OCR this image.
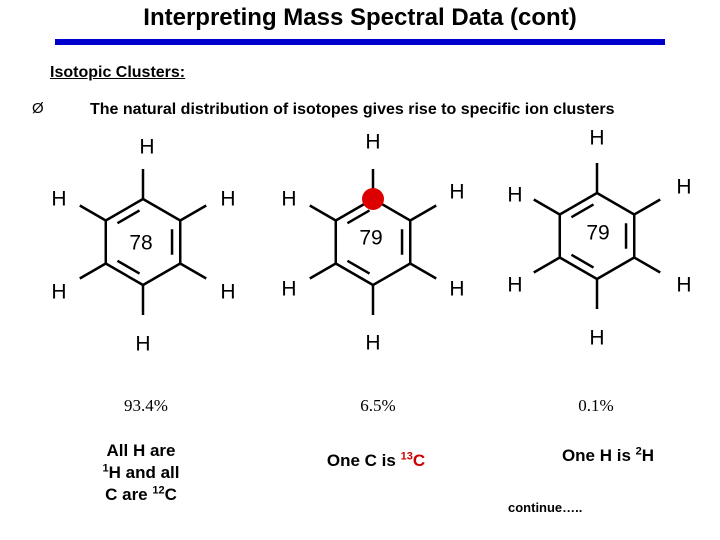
Interpreting Mass Spectral Data (cont)
Isotopic Clusters:
Ø	The natural distribution of isotopes gives rise to specific ion clusters
H
H
H
H
H
H
78
H
H
H
H
H
H
79
H
H
H
H
H
H
79
93.4%	6.5%	0.1%
All H are
$^1$H and all
C are $^{12}$C
One C is $^{13}$C	One H is $^2$H
continue…..
